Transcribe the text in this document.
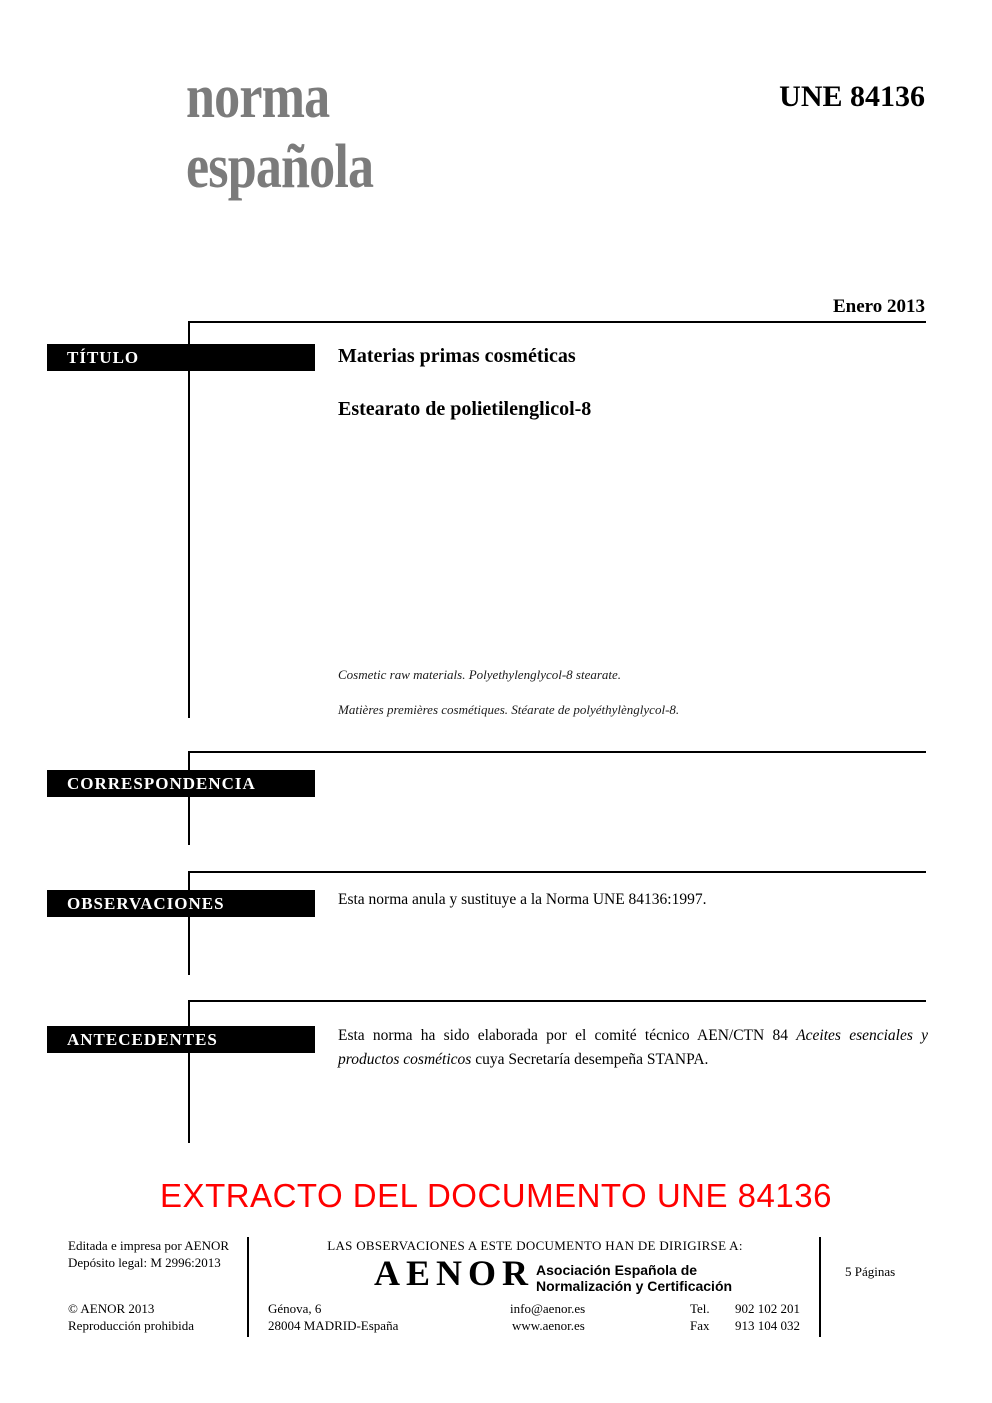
norma
española
UNE 84136
Enero 2013
TÍTULO	Materias primas cosméticas
Estearato de polietilenglicol-8
Cosmetic raw materials. Polyethylenglycol-8 stearate.
Matières premières cosmétiques. Stéarate de polyéthylènglycol-8.
CORRESPONDENCIA
OBSERVACIONES	Esta norma anula y sustituye a la Norma UNE 84136:1997.
ANTECEDENTES	Esta norma ha sido elaborada por el comité técnico AEN/CTN 84 Aceites esenciales y productos cosméticos cuya Secretaría desempeña STANPA.
EXTRACTO DEL DOCUMENTO UNE 84136
Editada e impresa por AENOR
Depósito legal: M 2996:2013
© AENOR 2013
Reproducción prohibida
LAS OBSERVACIONES A ESTE DOCUMENTO HAN DE DIRIGIRSE A:
AENOR Asociación Española de
Normalización y Certificación
Génova, 6
28004 MADRID-España
info@aenor.es
www.aenor.es
Tel. 902 102 201
Fax 913 104 032
5 Páginas
